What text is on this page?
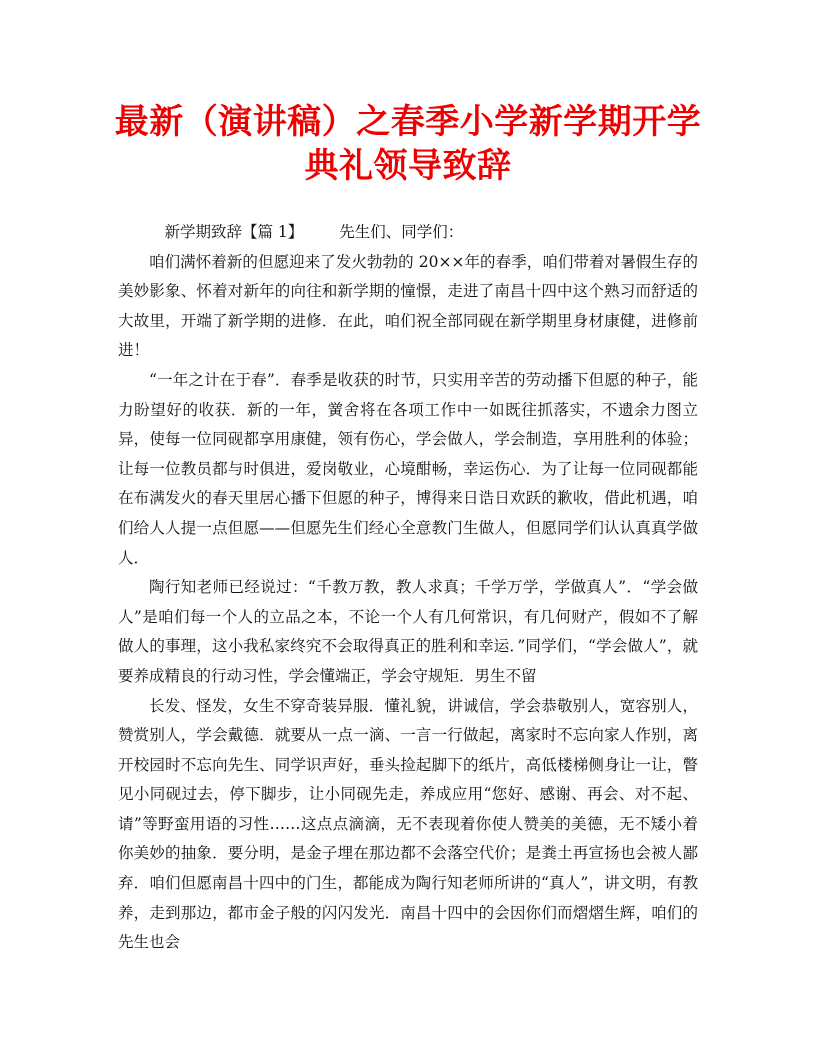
最新（演讲稿）之春季小学新学期开学
典礼领导致辞

新学期致辞【篇 1】 先生们、同学们：

咱们满怀着新的但愿迎来了发火勃勃的 20××年的春季，咱们带着对暑假生存的美妙影象、怀着对新年的向往和新学期的憧憬，走进了南昌十四中这个熟习而舒适的大故里，开端了新学期的进修．在此，咱们祝全部同砚在新学期里身材康健，进修前进！

“一年之计在于春”．春季是收获的时节，只实用辛苦的劳动播下但愿的种子，能力盼望好的收获．新的一年，黉舍将在各项工作中一如既往抓落实，不遗余力图立异，使每一位同砚都享用康健，领有伤心，学会做人，学会制造，享用胜利的体验；让每一位教员都与时俱进，爱岗敬业，心境酣畅，幸运伤心．为了让每一位同砚都能在布满发火的春天里居心播下但愿的种子，博得来日诰日欢跃的歉收，借此机遇，咱们给人人提一点但愿——但愿先生们经心全意教门生做人，但愿同学们认认真真学做人．

陶行知老师已经说过：“千教万教，教人求真；千学万学，学做真人”．“学会做人”是咱们每一个人的立品之本，不论一个人有几何常识，有几何财产，假如不了解做人的事理，这小我私家终究不会取得真正的胜利和幸运．”同学们，“学会做人”，就要养成精良的行动习性，学会懂端正，学会守规矩．男生不留

长发、怪发，女生不穿奇装异服．懂礼貌，讲诚信，学会恭敬别人，宽容别人，赞赏别人，学会戴德．就要从一点一滴、一言一行做起，离家时不忘向家人作别，离开校园时不忘向先生、同学识声好，垂头捡起脚下的纸片，高低楼梯侧身让一让，瞥见小同砚过去，停下脚步，让小同砚先走，养成应用“您好、感谢、再会、对不起、请”等野蛮用语的习性……这点点滴滴，无不表现着你使人赞美的美德，无不矮小着你美妙的抽象．要分明，是金子埋在那边都不会落空代价；是粪土再宣扬也会被人鄙弃．咱们但愿南昌十四中的门生，都能成为陶行知老师所讲的“真人”，讲文明，有教养，走到那边，都市金子般的闪闪发光．南昌十四中的会因你们而熠熠生辉，咱们的先生也会
